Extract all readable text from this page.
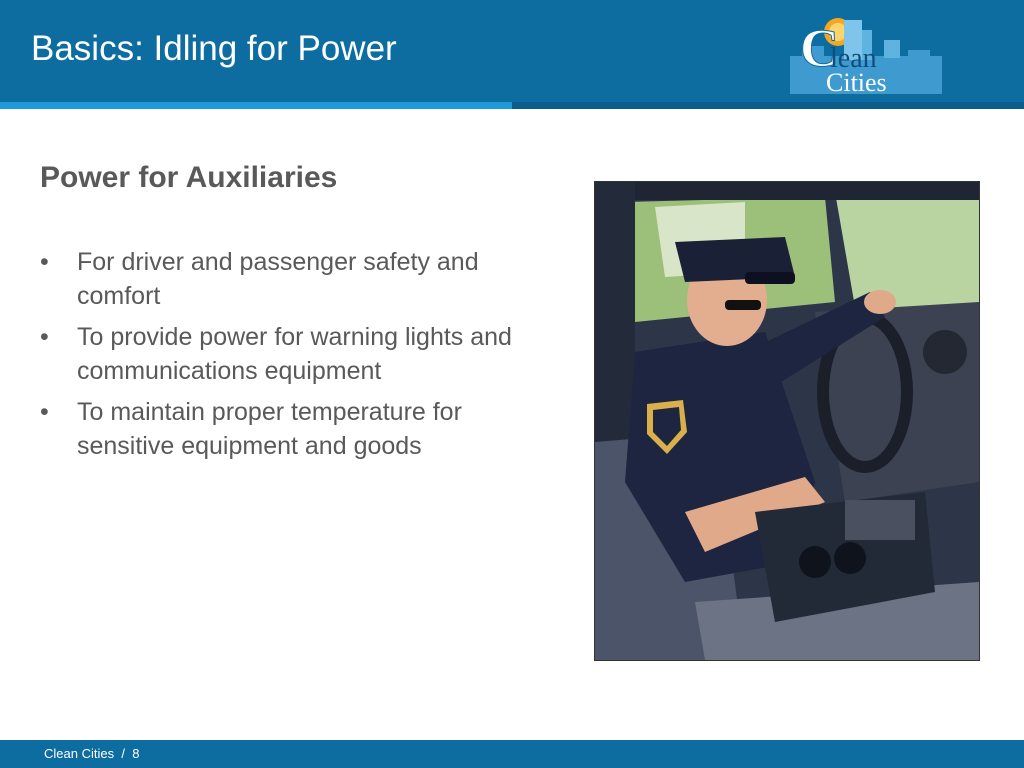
Basics: Idling for Power	C
lean
Cities
Power for Auxiliaries
• For driver and passenger safety and comfort
• To provide power for warning lights and communications equipment
• To maintain proper temperature for sensitive equipment and goods
Clean Cities / 8
